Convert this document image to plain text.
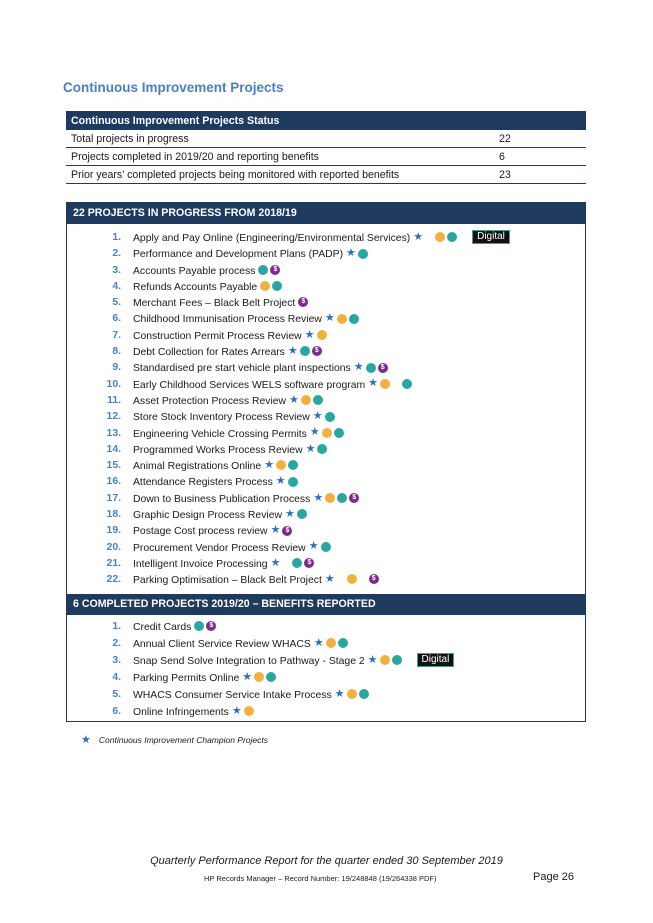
Continuous Improvement Projects
Continuous Improvement Projects Status	
Total projects in progress	22
Projects completed in 2019/20 and reporting benefits	6
Prior years’ completed projects being monitored with reported benefits	23
22 PROJECTS IN PROGRESS FROM 2018/19
1. Apply and Pay Online (Engineering/Environmental Services) ★	Digital
2. Performance and Development Plans (PADP) ★
3. Accounts Payable process	$
4. Refunds Accounts Payable
5. Merchant Fees – Black Belt Project $
6. Childhood Immunisation Process Review ★
7. Construction Permit Process Review ★
8. Debt Collection for Rates Arrears ★ $
9. Standardised pre start vehicle plant inspections ★ $
10. Early Childhood Services WELS software program ★
11. Asset Protection Process Review ★
12. Store Stock Inventory Process Review ★
13. Engineering Vehicle Crossing Permits ★
14. Programmed Works Process Review ★
15. Animal Registrations Online ★
16. Attendance Registers Process ★
17. Down to Business Publication Process ★	$
18. Graphic Design Process Review ★
19. Postage Cost process review ★ $
20. Procurement Vendor Process Review ★
21. Intelligent Invoice Processing ★	$
22. Parking Optimisation – Black Belt Project ★	$
6 COMPLETED PROJECTS 2019/20 – BENEFITS REPORTED
1. Credit Cards	$
2. Annual Client Service Review WHACS ★
3. Snap Send Solve Integration to Pathway - Stage 2 ★	Digital
4. Parking Permits Online ★
5. WHACS Consumer Service Intake Process ★
6. Online Infringements ★
★ Continuous Improvement Champion Projects
Quarterly Performance Report for the quarter ended 30 September 2019
HP Records Manager – Record Number: 19/248848 (19/264338 PDF)	Page 26
